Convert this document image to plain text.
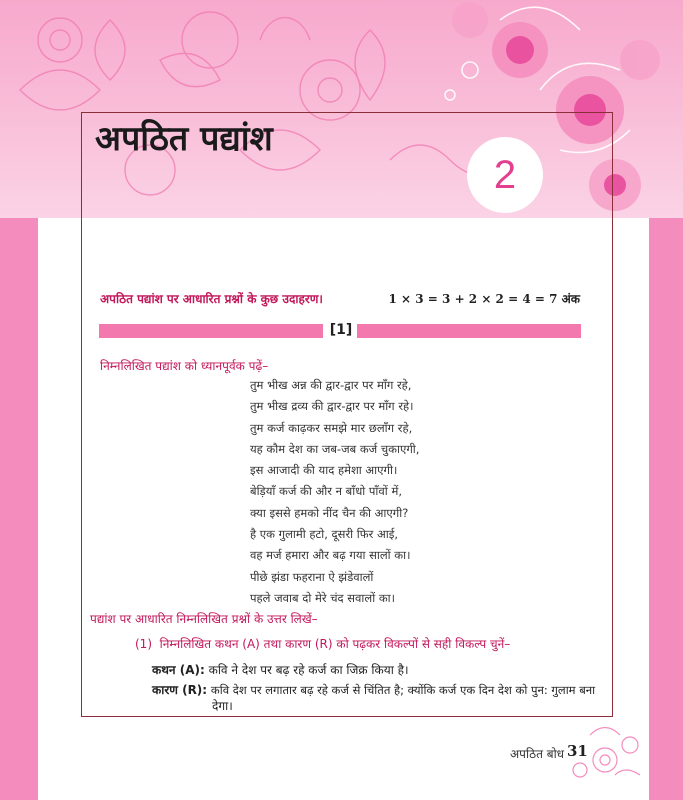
अपठित पद्यांश
2
अपठित पद्यांश पर आधारित प्रश्नों के कुछ उदाहरण।	1 × 3 = 3 + 2 × 2 = 4 = 7 अंक
[1]
निम्नलिखित पद्यांश को ध्यानपूर्वक पढ़ें–
तुम भीख अन्न की द्वार-द्वार पर माँग रहे,
तुम भीख द्रव्य की द्वार-द्वार पर माँग रहे।
तुम कर्ज काढ़कर समझे मार छलाँग रहे,
यह कौम देश का जब-जब कर्ज चुकाएगी,
इस आजादी की याद हमेशा आएगी।
बेड़ियाँ कर्ज की और न बाँधो पाँवों में,
क्या इससे हमको नींद चैन की आएगी?
है एक गुलामी हटो, दूसरी फिर आई,
वह मर्ज हमारा और बढ़ गया सालों का।
पीछे झंडा फहराना ऐ झंडेवालों
पहले जवाब दो मेरे चंद सवालों का।
पद्यांश पर आधारित निम्नलिखित प्रश्नों के उत्तर लिखें–
(1) निम्नलिखित कथन (A) तथा कारण (R) को पढ़कर विकल्पों से सही विकल्प चुनें–
कथन (A): कवि ने देश पर बढ़ रहे कर्ज का जिक्र किया है।
कारण (R): कवि देश पर लगातार बढ़ रहे कर्ज से चिंतित है; क्योंकि कर्ज एक दिन देश को पुन: गुलाम बना
देगा।
अपठित बोध 31
